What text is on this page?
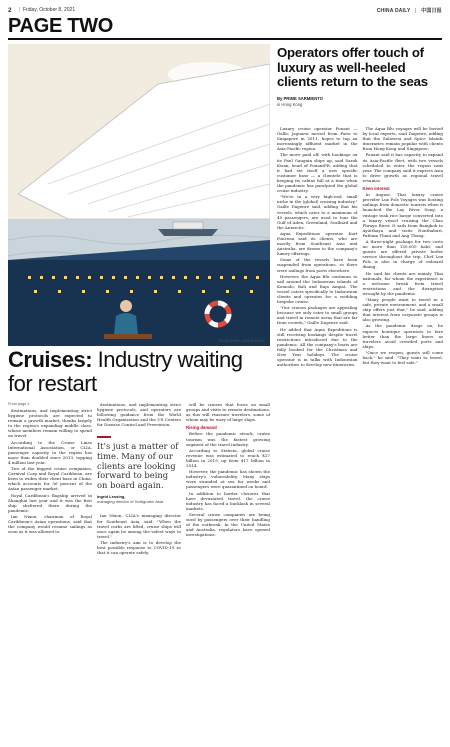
2 | Friday, October 8, 2021	CHINA DAILY | 中国日报
PAGE TWO
SONG CHEN / CHINA DAILY
Cruises: Industry waiting for restart
From page 1

destinations, and implementing strict hygiene protocols are expected to remain a growth market, thanks largely to the region's expanding middle class, whose members remain willing to spend on travel.

According to the Cruise Lines International Association, or CLIA, passenger capacity in the region has more than doubled since 2013, topping 4 million last year.

Two of the biggest cruise companies, Carnival Corp and Royal Caribbean, are keen to widen their client base in China, which accounts for 56 percent of the Asian passenger market.

Royal Caribbean's flagship arrived in Shanghai last year and it was the first ship sheltered there during the pandemic.

Ian Nixon, chairman of Royal Caribbean's Asian operations, said that the company would resume sailings as soon as it was allowed to.

destinations, and implementing strict hygiene protocols, and operators are following guidance from the World Health Organization and the US Centers for Disease Control and Prevention.

It's just a matter of time. Many of our clients are looking forward to being on board again.
Ingrid Lessing,
managing director of Hurtigruten Asia

Ian Nixon, CLIA's managing director for Southeast Asia, said: "When the travel curbs are lifted, cruise ships will once again be among the safest ways to travel."

The industry's aim is to develop the best possible response to COVID-19 so that it can operate safely.

will be cruises that focus on small groups and visits to remote destinations, as this will reassure travelers, some of whom may be wary of large ships.

Rising demand

Before the pandemic struck, cruise tourism was the fastest growing segment of the travel industry.

According to Statista, global cruise revenue was estimated to reach $27 billion in 2019, up from $17 billion in 2014.

However, the pandemic has shown the industry's vulnerability. Many ships were stranded at sea for weeks and passengers were quarantined on board.

In addition to border closures that have devastated travel, the cruise industry has faced a backlash in several markets.

Several cruise companies are being sued by passengers over their handling of the outbreak. In the United States and Australia, regulators have opened investigations.

Operators offer touch of luxury as well-heeled clients return to the seas
By PRIME SARMIENTO
in Hong Kong

Luxury cruise operator Ponant — Gallic Jaguarsi moved from Paris to Singapore in 2011, hopes to tap an increasingly affluent market in the Asia-Pacific region.

The move paid off, with bookings on its Paul Gauguin ships up, said Sarah Kwan, head of PonantPR, adding that it had set itself a new specific customer base — a clientele that is keeping its cabins full at a time when the pandemic has paralyzed the global cruise industry.

"We're in a very high-end, small niche in the (global) cruising industry," Gaille Dagenre said, adding that his vessels, which cater to a maximum of 40 passengers, are used to tour the Gulf of Aden, Greenland, Svalbard and the Antarctic.

Aqua Expeditions operator Kurt Ponceau said its clients, who are mostly from Southeast Asia and Australia, are drawn to the company's luxury offerings.

Some of the vessels have been suspended from operations, so there were sailings from ports elsewhere.

However, the Aqua Blu continues to sail around the Indonesian islands of Komodo, Bali and Raja Ampat. The vessel caters specifically to Indonesian clients and operates for a wedding bespoke cruise.

"Our cruises packages are appealing because we only cater to small groups and travel in remote areas that are far from crowds," Gaille Dagenre said.

He added that Aqua Expeditions is still receiving bookings despite travel restrictions introduced due to the pandemic. All the company's boats are fully booked for the Christmas and New Year holidays. The cruise operator is in talks with Indonesian authorities to develop new itineraries.

The Aqua Blu voyages will be hosted by local experts, said Dagenre, adding that the Sulawesi and Spice Islands itineraries remain popular with clients from Hong Kong and Singapore.

Ponant said it has capacity to expand its Asia-Pacific fleet, with two vessels scheduled to enter the region next year. The company said it expects Asia to drive growth as regional travel resumes.

Keen interest

In August, Thai luxury cruise provider Lux Pols Voyages was hosting sailings from domestic tourists when it launched the Lay River Song, a vintage teak rice barge converted into a luxury vessel cruising the Chao Phraya River. It sails from Bangkok to Ayutthaya and visits Nonthaburi, Pathum Thani and Ang Thong.

A three-night package for two costs no more than 150,000 baht, and guests are offered private butler service throughout the trip. Chef Lux Pols is also in charge of onboard dining.

He said his clients are mainly Thai nationals, for whom the experience is a welcome break from travel restrictions and the disruption wrought by the pandemic.

"Many people want to travel in a safe, private environment, and a small ship offers just that," he said, adding that interest from corporate groups is also growing.

As the pandemic drags on, he expects boutique operators to fare better than the large liners as travelers avoid crowded ports and ships.

"Once we reopen, guests will come back," he said. "They want to travel, but they want to feel safe."
